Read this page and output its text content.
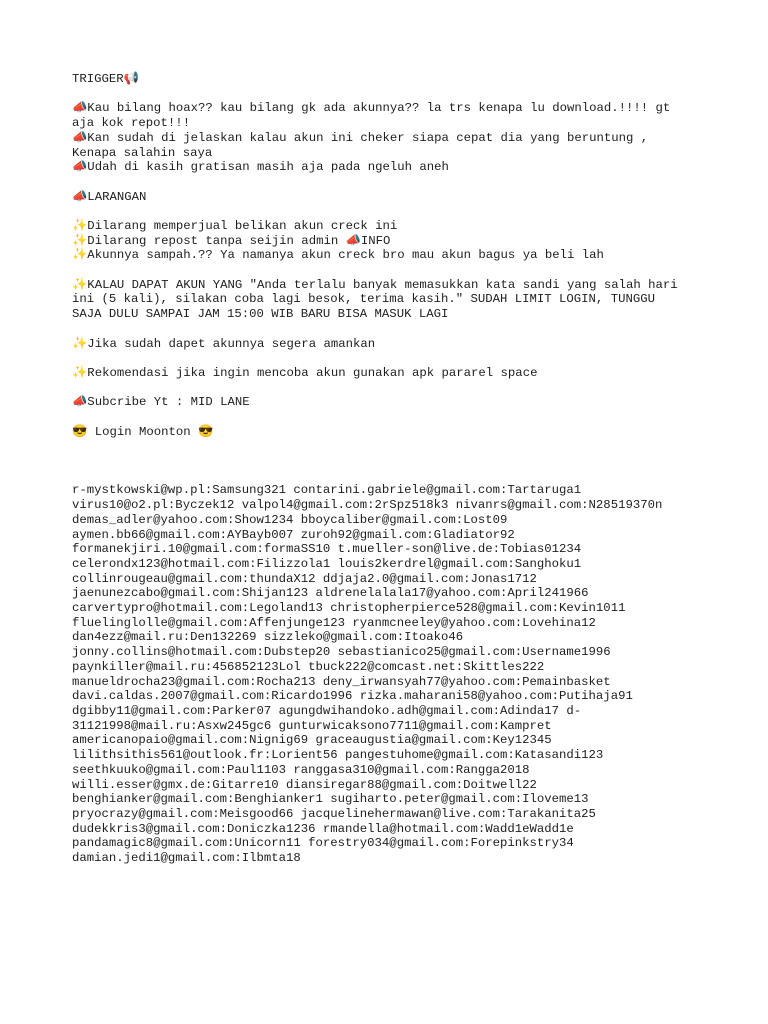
TRIGGER📢
📣Kau bilang hoax?? kau bilang gk ada akunnya?? la trs kenapa lu download.!!!! gt
aja kok repot!!!
📣Kan sudah di jelaskan kalau akun ini cheker siapa cepat dia yang beruntung ,
Kenapa salahin saya
📣Udah di kasih gratisan masih aja pada ngeluh aneh
📣LARANGAN
✨Dilarang memperjual belikan akun creck ini
✨Dilarang repost tanpa seijin admin 📣INFO
✨Akunnya sampah.?? Ya namanya akun creck bro mau akun bagus ya beli lah
✨KALAU DAPAT AKUN YANG "Anda terlalu banyak memasukkan kata sandi yang salah hari
ini (5 kali), silakan coba lagi besok, terima kasih." SUDAH LIMIT LOGIN, TUNGGU
SAJA DULU SAMPAI JAM 15:00 WIB BARU BISA MASUK LAGI
✨Jika sudah dapet akunnya segera amankan
✨Rekomendasi jika ingin mencoba akun gunakan apk pararel space
📣Subcribe Yt : MID LANE
😎 Login Moonton 😎
r-mystkowski@wp.pl:Samsung321 contarini.gabriele@gmail.com:Tartaruga1
virus10@o2.pl:Byczek12 valpol4@gmail.com:2rSpz518k3 nivanrs@gmail.com:N28519370n
demas_adler@yahoo.com:Show1234 bboycaliber@gmail.com:Lost09
aymen.bb66@gmail.com:AYBayb007 zuroh92@gmail.com:Gladiator92
formanekjiri.10@gmail.com:formaSS10 t.mueller-son@live.de:Tobias01234
celerondx123@hotmail.com:Filizzola1 louis2kerdrel@gmail.com:Sanghoku1
collinrougeau@gmail.com:thundaX12 ddjaja2.0@gmail.com:Jonas1712
jaenunezcabo@gmail.com:Shijan123 aldrenelalala17@yahoo.com:April241966
carvertypro@hotmail.com:Legoland13 christopherpierce528@gmail.com:Kevin1011
fluelinglolle@gmail.com:Affenjunge123 ryanmcneeley@yahoo.com:Lovehina12
dan4ezz@mail.ru:Den132269 sizzleko@gmail.com:Itoako46
jonny.collins@hotmail.com:Dubstep20 sebastianico25@gmail.com:Username1996
paynkiller@mail.ru:456852123Lol tbuck222@comcast.net:Skittles222
manueldrocha23@gmail.com:Rocha213 deny_irwansyah77@yahoo.com:Pemainbasket
davi.caldas.2007@gmail.com:Ricardo1996 rizka.maharani58@yahoo.com:Putihaja91
dgibby11@gmail.com:Parker07 agungdwihandoko.adh@gmail.com:Adinda17 d-
31121998@mail.ru:Asxw245gc6 gunturwicaksono7711@gmail.com:Kampret
americanopaio@gmail.com:Nignig69 graceaugustia@gmail.com:Key12345
lilithsithis561@outlook.fr:Lorient56 pangestuhome@gmail.com:Katasandi123
seethkuuko@gmail.com:Paul1103 ranggasa310@gmail.com:Rangga2018
willi.esser@gmx.de:Gitarre10 diansiregar88@gmail.com:Doitwell22
benghianker@gmail.com:Benghianker1 sugiharto.peter@gmail.com:Iloveme13
pryocrazy@gmail.com:Meisgood66 jacquelinehermawan@live.com:Tarakanita25
dudekkris3@gmail.com:Doniczka1236 rmandella@hotmail.com:Wadd1eWadd1e
pandamagic8@gmail.com:Unicorn11 forestry034@gmail.com:Forepinkstry34
damian.jedi1@gmail.com:Ilbmta18
